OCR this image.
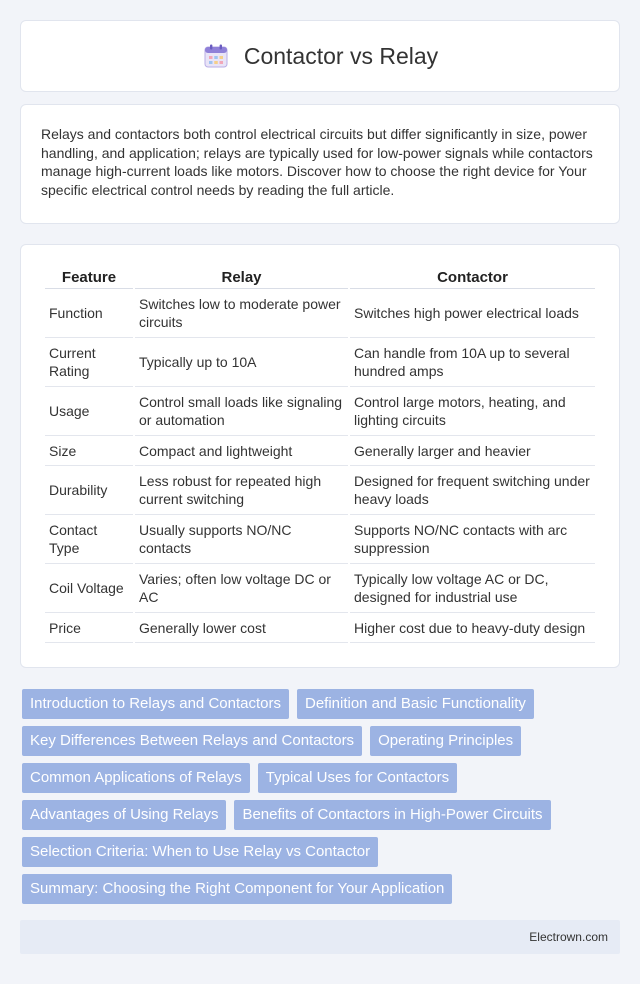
Contactor vs Relay

Relays and contactors both control electrical circuits but differ significantly in size, power handling, and application; relays are typically used for low-power signals while contactors manage high-current loads like motors. Discover how to choose the right device for Your specific electrical control needs by reading the full article.

Feature	Relay	Contactor
Function	Switches low to moderate power circuits	Switches high power electrical loads
Current Rating	Typically up to 10A	Can handle from 10A up to several hundred amps
Usage	Control small loads like signaling or automation	Control large motors, heating, and lighting circuits
Size	Compact and lightweight	Generally larger and heavier
Durability	Less robust for repeated high current switching	Designed for frequent switching under heavy loads
Contact Type	Usually supports NO/NC contacts	Supports NO/NC contacts with arc suppression
Coil Voltage	Varies; often low voltage DC or AC	Typically low voltage AC or DC, designed for industrial use
Price	Generally lower cost	Higher cost due to heavy-duty design
Introduction to Relays and Contactors	Definition and Basic Functionality
Key Differences Between Relays and Contactors	Operating Principles
Common Applications of Relays	Typical Uses for Contactors
Advantages of Using Relays	Benefits of Contactors in High-Power Circuits
Selection Criteria: When to Use Relay vs Contactor
Summary: Choosing the Right Component for Your Application
Electrown.com
